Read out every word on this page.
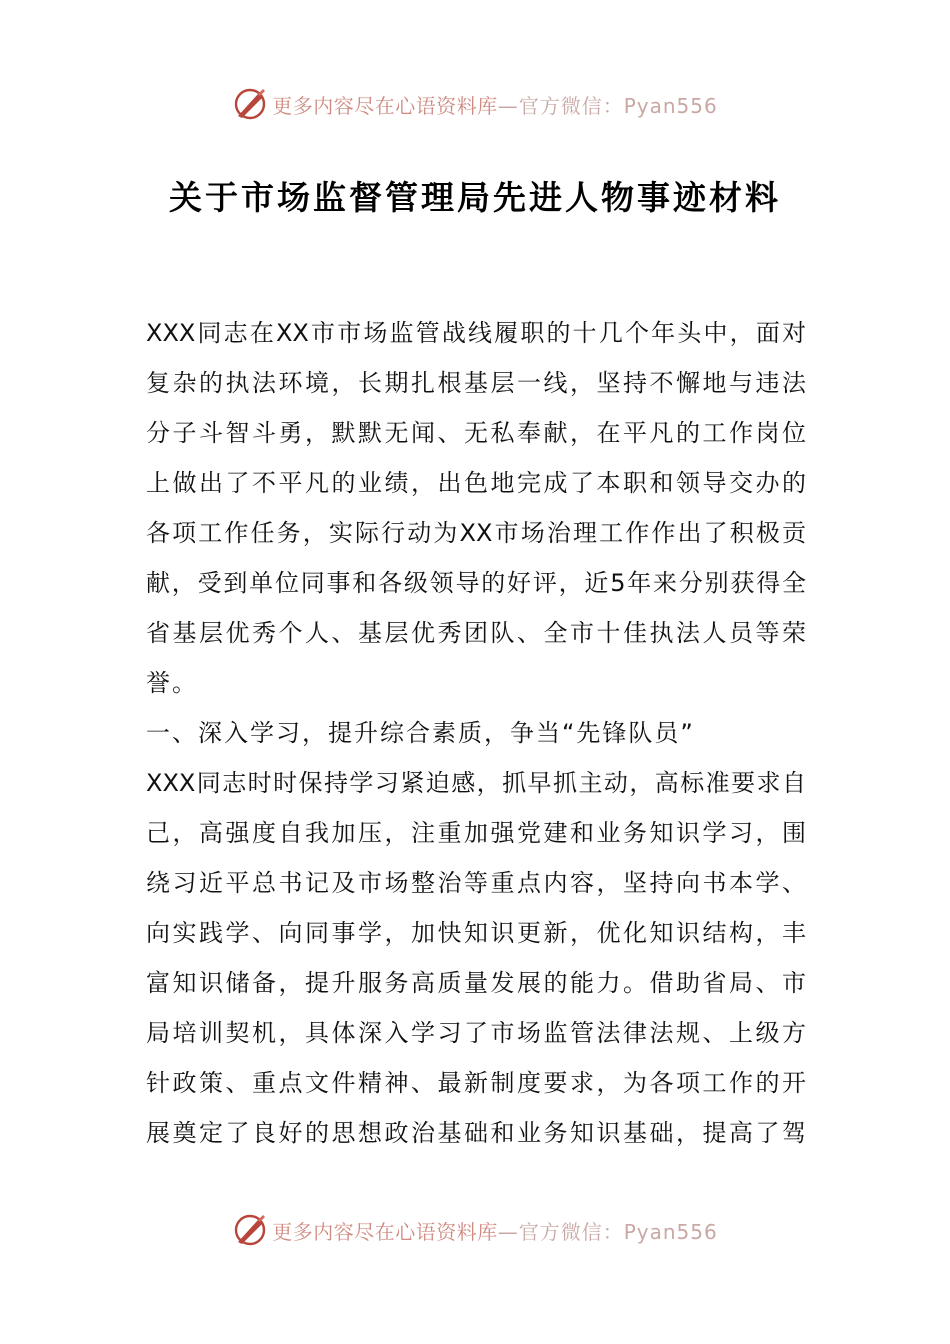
更多内容尽在心语资料库 —官方微信：Pyan556
关于市场监督管理局先进人物事迹材料
XXX同志在XX市市场监管战线履职的十几个年头中，面对
复杂的执法环境，长期扎根基层一线，坚持不懈地与违法
分子斗智斗勇，默默无闻、无私奉献，在平凡的工作岗位
上做出了不平凡的业绩，出色地完成了本职和领导交办的
各项工作任务，实际行动为XX市场治理工作作出了积极贡
献，受到单位同事和各级领导的好评，近5年来分别获得全
省基层优秀个人、基层优秀团队、全市十佳执法人员等荣
誉。
一、深入学习，提升综合素质，争当“先锋队员”
XXX同志时时保持学习紧迫感，抓早抓主动，高标准要求自
己，高强度自我加压，注重加强党建和业务知识学习，围
绕习近平总书记及市场整治等重点内容，坚持向书本学、
向实践学、向同事学，加快知识更新，优化知识结构，丰
富知识储备，提升服务高质量发展的能力。借助省局、市
局培训契机，具体深入学习了市场监管法律法规、上级方
针政策、重点文件精神、最新制度要求，为各项工作的开
展奠定了良好的思想政治基础和业务知识基础，提高了驾
更多内容尽在心语资料库 —官方微信：Pyan556
